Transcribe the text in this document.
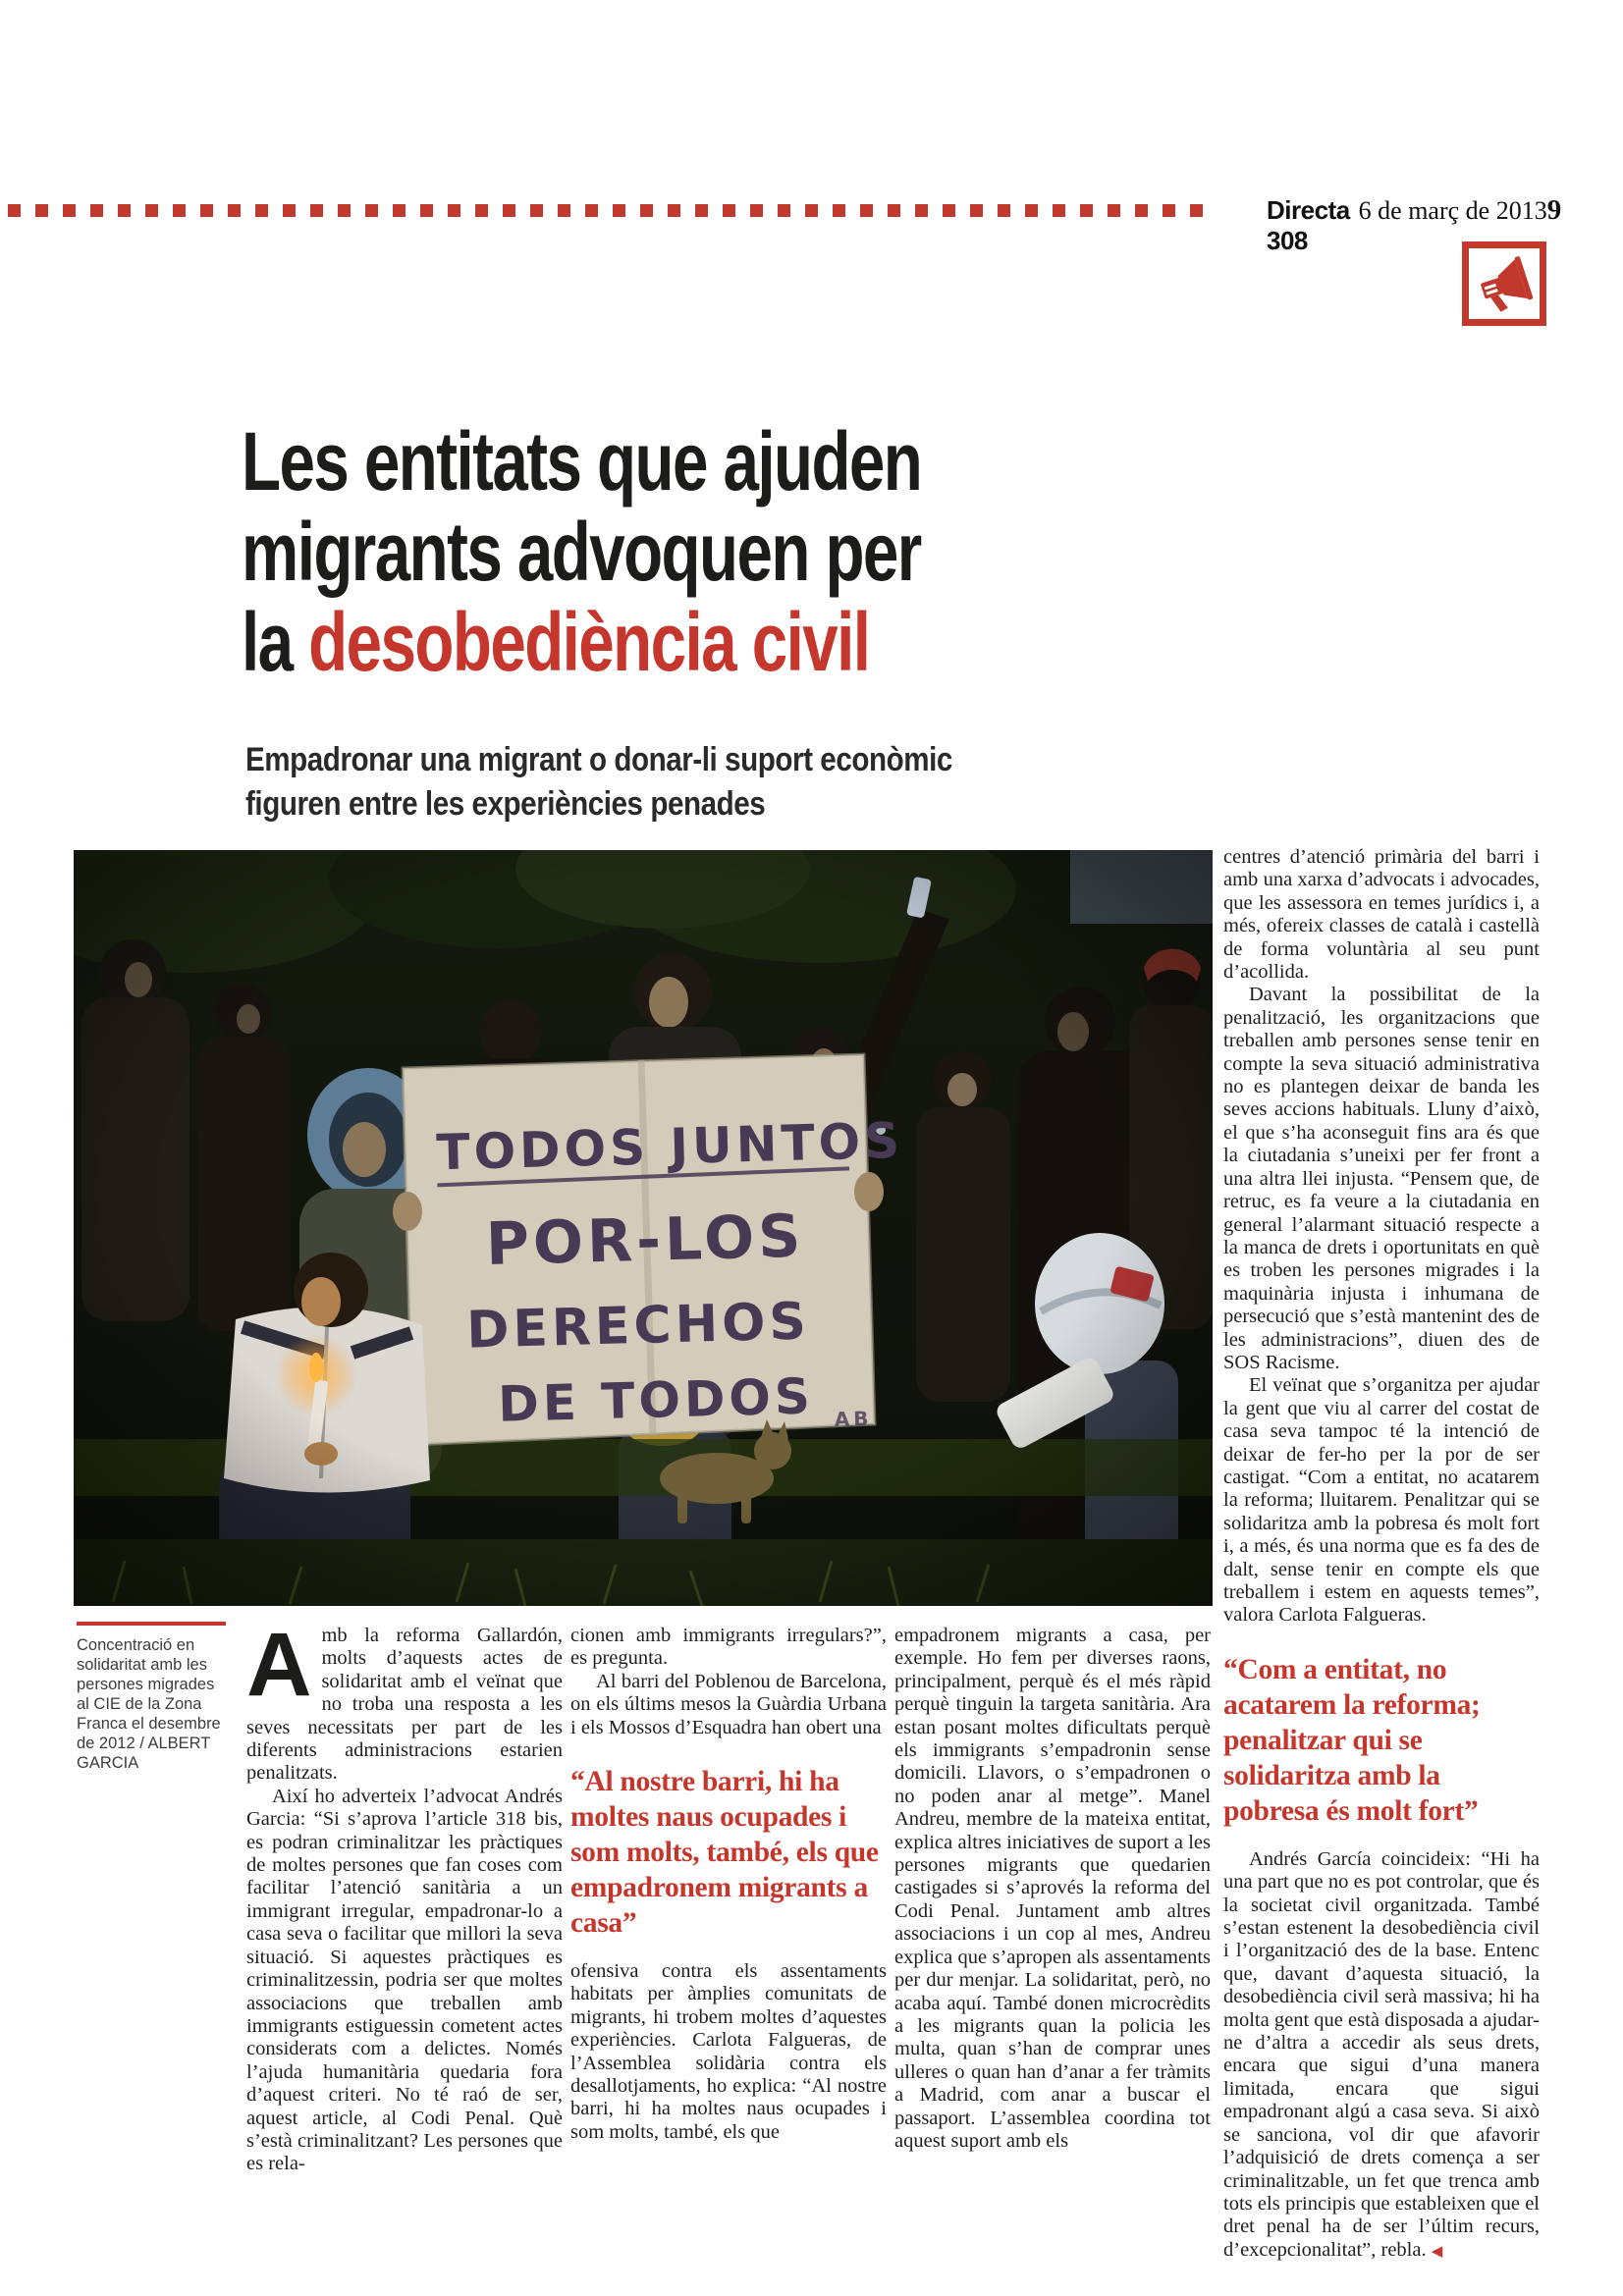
Directa 308
6 de març de 2013 9
Les entitats que ajuden
migrants advoquen per
la desobediència civil
Empadronar una migrant o donar-li suport econòmic
figuren entre les experiències penades
Concentració en solidaritat amb les persones migrades al CIE de la Zona Franca el desembre de 2012 / ALBERT GARCIA

Amb la reforma Gallardón, molts d’aquests actes de solidaritat amb el veïnat que no troba una resposta a les seves necessitats per part de les diferents administracions estarien penalitzats.

Així ho adverteix l’advocat Andrés Garcia: “Si s’aprova l’article 318 bis, es podran criminalitzar les pràctiques de moltes persones que fan coses com facilitar l’atenció sanitària a un immigrant irregular, empadronar-lo a casa seva o facilitar que millori la seva situació. Si aquestes pràctiques es criminalitzessin, podria ser que moltes associacions que treballen amb immigrants estiguessin cometent actes considerats com a delictes. Només l’ajuda humanitària quedaria fora d’aquest criteri. No té raó de ser, aquest article, al Codi Penal. Què s’està criminalitzant? Les persones que es rela-

cionen amb immigrants irregulars?”, es pregunta.

Al barri del Poblenou de Barcelona, on els últims mesos la Guàrdia Urbana i els Mossos d’Esquadra han obert una

“Al nostre barri, hi ha moltes naus ocupades i som molts, també, els que empadronem migrants a casa”

ofensiva contra els assentaments habitats per àmplies comunitats de migrants, hi trobem moltes d’aquestes experiències. Carlota Falgueras, de l’Assemblea solidària contra els desallotjaments, ho explica: “Al nostre barri, hi ha moltes naus ocupades i som molts, també, els que

empadronem migrants a casa, per exemple. Ho fem per diverses raons, principalment, perquè és el més ràpid perquè tinguin la targeta sanitària. Ara estan posant moltes dificultats perquè els immigrants s’empadronin sense domicili. Llavors, o s’empadronen o no poden anar al metge”. Manel Andreu, membre de la mateixa entitat, explica altres iniciatives de suport a les persones migrants que quedarien castigades si s’aprovés la reforma del Codi Penal. Juntament amb altres associacions i un cop al mes, Andreu explica que s’apropen als assentaments per dur menjar. La solidaritat, però, no acaba aquí. També donen microcrèdits a les migrants quan la policia les multa, quan s’han de comprar unes ulleres o quan han d’anar a fer tràmits a Madrid, com anar a buscar el passaport. L’assemblea coordina tot aquest suport amb els

centres d’atenció primària del barri i amb una xarxa d’advocats i advocades, que les assessora en temes jurídics i, a més, ofereix classes de català i castellà de forma voluntària al seu punt d’acollida.

Davant la possibilitat de la penalització, les organitzacions que treballen amb persones sense tenir en compte la seva situació administrativa no es plantegen deixar de banda les seves accions habituals. Lluny d’això, el que s’ha aconseguit fins ara és que la ciutadania s’uneixi per fer front a una altra llei injusta. “Pensem que, de retruc, es fa veure a la ciutadania en general l’alarmant situació respecte a la manca de drets i oportunitats en què es troben les persones migrades i la maquinària injusta i inhumana de persecució que s’està mantenint des de les administracions”, diuen des de SOS Racisme.

El veïnat que s’organitza per ajudar la gent que viu al carrer del costat de casa seva tampoc té la intenció de deixar de fer-ho per la por de ser castigat. “Com a entitat, no acatarem la reforma; lluitarem. Penalitzar qui se solidaritza amb la pobresa és molt fort i, a més, és una norma que es fa des de dalt, sense tenir en compte els que treballem i estem en aquests temes”, valora Carlota Falgueras.

“Com a entitat, no acatarem la reforma; penalitzar qui se solidaritza amb la pobresa és molt fort”

Andrés García coincideix: “Hi ha una part que no es pot controlar, que és la societat civil organitzada. També s’estan estenent la desobediència civil i l’organització des de la base. Entenc que, davant d’aquesta situació, la desobediència civil serà massiva; hi ha molta gent que està disposada a ajudar-ne d’altra a accedir als seus drets, encara que sigui d’una manera limitada, encara que sigui empadronant algú a casa seva. Si això se sanciona, vol dir que afavorir l’adquisició de drets comença a ser criminalitzable, un fet que trenca amb tots els principis que estableixen que el dret penal ha de ser l’últim recurs, d’excepcionalitat”, rebla. ◀
